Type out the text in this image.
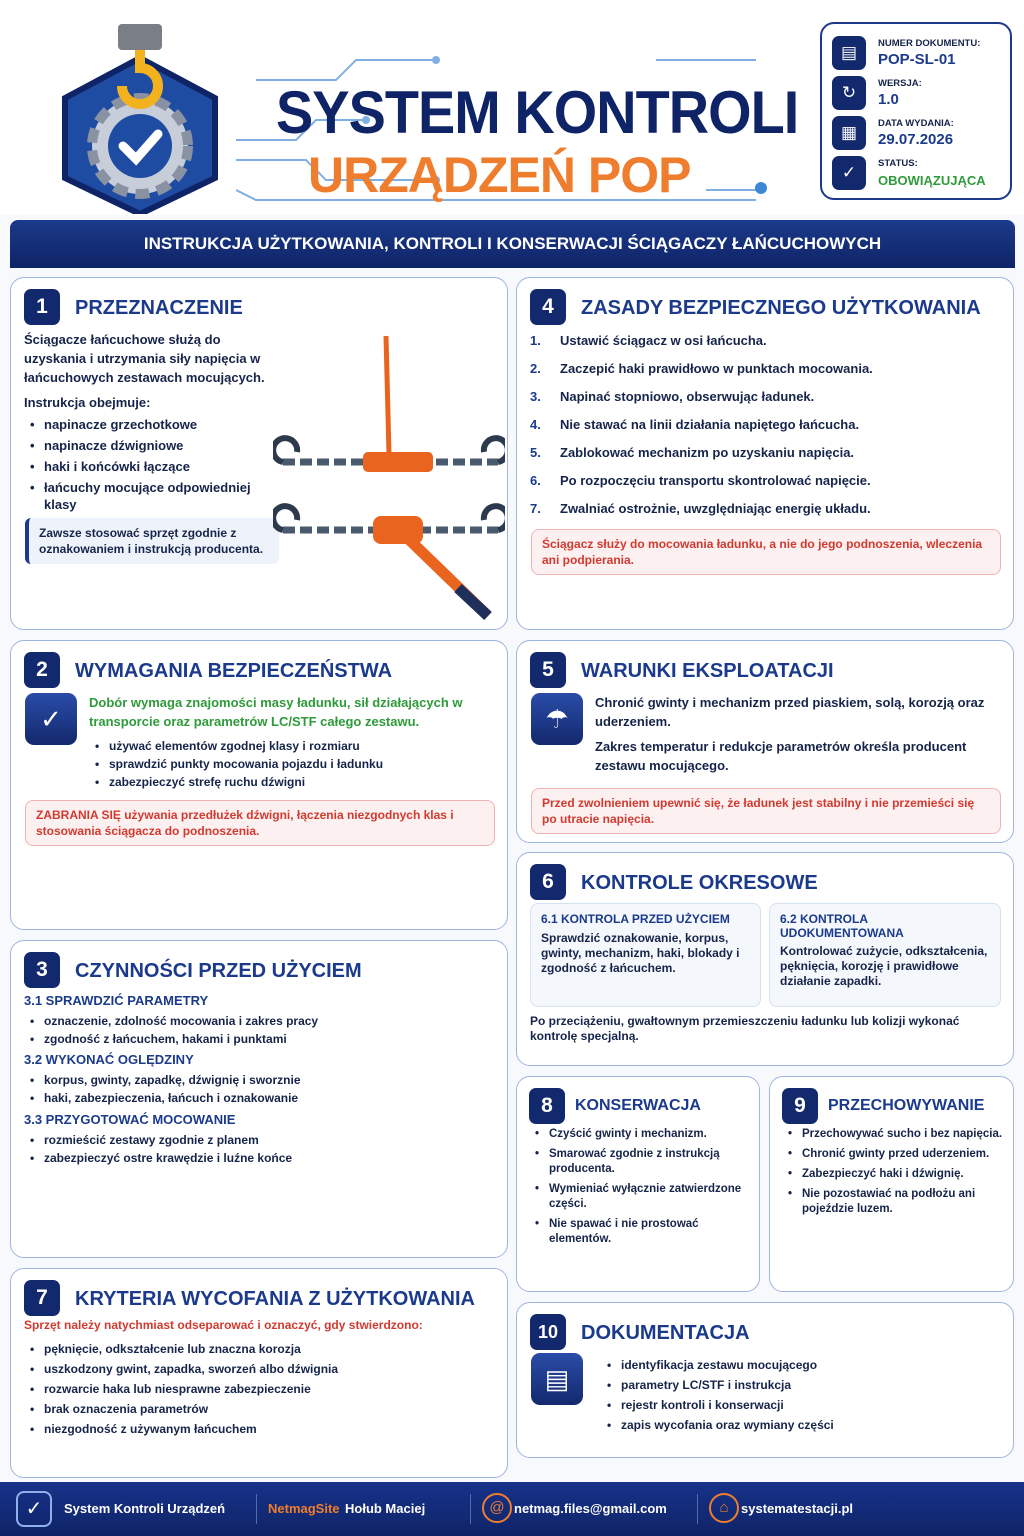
SYSTEM KONTROLI
URZĄDZEŃ POP
▤	NUMER DOKUMENTU:
POP-SL-01
↻	WERSJA:
1.0
▦	DATA WYDANIA:
29.07.2026
✓	STATUS:
OBOWIĄZUJĄCA
INSTRUKCJA UŻYTKOWANIA, KONTROLI I KONSERWACJI ŚCIĄGACZY ŁAŃCUCHOWYCH
1	PRZEZNACZENIE
Ściągacze łańcuchowe służą do uzyskania i utrzymania siły napięcia w łańcuchowych zestawach mocujących.
Instrukcja obejmuje:
• napinacze grzechotkowe
• napinacze dźwigniowe
• haki i końcówki łączące
• łańcuchy mocujące odpowiedniej klasy
Zawsze stosować sprzęt zgodnie z oznakowaniem i instrukcją producenta.
2	WYMAGANIA BEZPIECZEŃSTWA
✓
Dobór wymaga znajomości masy ładunku, sił działających w transporcie oraz parametrów LC/STF całego zestawu.
• używać elementów zgodnej klasy i rozmiaru
• sprawdzić punkty mocowania pojazdu i ładunku
• zabezpieczyć strefę ruchu dźwigni
ZABRANIA SIĘ używania przedłużek dźwigni, łączenia niezgodnych klas i stosowania ściągacza do podnoszenia.
3	CZYNNOŚCI PRZED UŻYCIEM
3.1 SPRAWDZIĆ PARAMETRY
• oznaczenie, zdolność mocowania i zakres pracy
• zgodność z łańcuchem, hakami i punktami
3.2 WYKONAĆ OGLĘDZINY
• korpus, gwinty, zapadkę, dźwignię i sworznie
• haki, zabezpieczenia, łańcuch i oznakowanie
3.3 PRZYGOTOWAĆ MOCOWANIE
• rozmieścić zestawy zgodnie z planem
• zabezpieczyć ostre krawędzie i luźne końce
7	KRYTERIA WYCOFANIA Z UŻYTKOWANIA
Sprzęt należy natychmiast odseparować i oznaczyć, gdy stwierdzono:
• pęknięcie, odkształcenie lub znaczna korozja
• uszkodzony gwint, zapadka, sworzeń albo dźwignia
• rozwarcie haka lub niesprawne zabezpieczenie
• brak oznaczenia parametrów
• niezgodność z używanym łańcuchem
4	ZASADY BEZPIECZNEGO UŻYTKOWANIA
1. Ustawić ściągacz w osi łańcucha.
2. Zaczepić haki prawidłowo w punktach mocowania.
3. Napinać stopniowo, obserwując ładunek.
4. Nie stawać na linii działania napiętego łańcucha.
5. Zablokować mechanizm po uzyskaniu napięcia.
6. Po rozpoczęciu transportu skontrolować napięcie.
7. Zwalniać ostrożnie, uwzględniając energię układu.
Ściągacz służy do mocowania ładunku, a nie do jego podnoszenia, wleczenia ani podpierania.
5	WARUNKI EKSPLOATACJI
☂
Chronić gwinty i mechanizm przed piaskiem, solą, korozją oraz uderzeniem.
Zakres temperatur i redukcje parametrów określa producent zestawu mocującego.
Przed zwolnieniem upewnić się, że ładunek jest stabilny i nie przemieści się po utracie napięcia.
6	KONTROLE OKRESOWE
6.1 KONTROLA PRZED UŻYCIEM
Sprawdzić oznakowanie, korpus, gwinty, mechanizm, haki, blokady i zgodność z łańcuchem.
6.2 KONTROLA UDOKUMENTOWANA
Kontrolować zużycie, odkształcenia, pęknięcia, korozję i prawidłowe działanie zapadki.
Po przeciążeniu, gwałtownym przemieszczeniu ładunku lub kolizji wykonać kontrolę specjalną.
8	KONSERWACJA
• Czyścić gwinty i mechanizm.
• Smarować zgodnie z instrukcją producenta.
• Wymieniać wyłącznie zatwierdzone części.
• Nie spawać i nie prostować elementów.
9	PRZECHOWYWANIE
• Przechowywać sucho i bez napięcia.
• Chronić gwinty przed uderzeniem.
• Zabezpieczyć haki i dźwignię.
• Nie pozostawiać na podłożu ani pojeździe luzem.
10	DOKUMENTACJA
▤
•	identyfikacja zestawu mocującego
• parametry LC/STF i instrukcja
• rejestr kontroli i konserwacji
• zapis wycofania oraz wymiany części
✓	System Kontroli Urządzeń	NetmagSite Hołub Maciej	@ netmag.files@gmail.com	⌂ systematestacji.pl
